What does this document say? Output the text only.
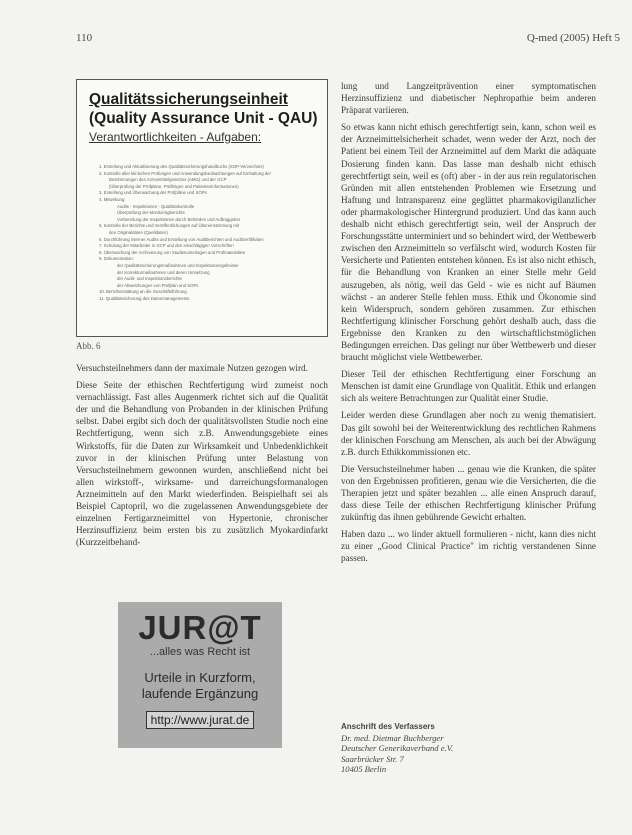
110	Q-med (2005) Heft 5
Qualitätssicherungseinheit
(Quality Assurance Unit - QAU)
Verantwortlichkeiten - Aufgaben:
1. Erstellung und Aktualisierung des Qualitätssicherungshandbuchs (SOP-Verzeichnis)
2. Kontrolle aller klinischen Prüfungen und Anwendungsbeobachtungen auf Einhaltung der
Bestimmungen des Arzneimittelgesetzes (AMG) und der GCP
(Überprüfung der Prüfpläne, Prüfbögen und Patienteninformationen)
3. Erstellung und Überwachung der Prüfpläne und SOPs
4. Mitwirkung:
Audits - Inspektionen - Qualitätskontrolle
Überprüfung der Monitoringberichte
Vorbereitung der Inspektionen durch Behörden und Auftraggeber
5. Kontrolle der Berichte und Veröffentlichungen auf Übereinstimmung mit
den Originaldaten (Quelldaten)
6. Durchführung interner Audits und Erstellung von Auditberichten und Auditzertifikaten
7. Schulung der Mitarbeiter in GCP und den einschlägigen Vorschriften
8. Überwachung der Archivierung von Studienunterlagen und Prüfmaterialien
9. Dokumentation:
der Qualitätssicherungsmaßnahmen und Inspektionsergebnisse
der Korrekturmaßnahmen und deren Umsetzung
der Audit- und Inspektionsberichte
der Abweichungen von Prüfplan und SOPs
10. Berichterstattung an die Geschäftsführung
11. Qualitätssicherung des Datenmanagements
Abb. 6

Versuchsteilnehmers dann der maximale Nutzen gezogen wird.

Diese Seite der ethischen Rechtfertigung wird zumeist noch vernachlässigt. Fast alles Augenmerk richtet sich auf die Qualität der und die Behandlung von Probanden in der klinischen Prüfung selbst. Dabei ergibt sich doch der qualitätsvollsten Studie noch eine Rechtfertigung, wenn sich z.B. Anwendungsgebiete eines Wirkstoffs, für die Daten zur Wirksamkeit und Unbedenklichkeit zuvor in der klinischen Prüfung unter Belastung von Versuchsteilnehmern gewonnen wurden, anschließend nicht bei allen wirkstoff-, wirksame- und darreichungsformanalogen Arzneimitteln auf den Markt wiederfinden. Beispielhaft sei als Beispiel Captopril, wo die zugelassenen Anwendungsgebiete der einzelnen Fertigarzneimittel von Hypertonie, chronischer Herzinsuffizienz beim ersten bis zu zusätzlich Myokardinfarkt (Kurzzeitbehand-

JUR@T
...alles was Recht ist
Urteile in Kurzform,
laufende Ergänzung
http://www.jurat.de

lung und Langzeitprävention einer symptomatischen Herzinsuffizienz und diabetischer Nephropathie beim anderen Präparat variieren.

So etwas kann nicht ethisch gerechtfertigt sein, kann, schon weil es der Arzneimittelsicherheit schadet, wenn weder der Arzt, noch der Patient bei einem Teil der Arzneimittel auf dem Markt die adäquate Dosierung finden kann. Das lasse man deshalb nicht ethisch gerechtfertigt sein, weil es (oft) aber - in der aus rein regulatorischen Gründen mit allen entstehenden Problemen wie Ersetzung und Haftung und Intransparenz eine geglättet pharmakovigilanzlicher oder pharmakologischer Hintergrund produziert. Und das kann auch deshalb nicht ethisch gerechtfertigt sein, weil der Anspruch der Forschungsstätte unterminiert und so behindert wird, der Wettbewerb zwischen den Arzneimitteln so verfälscht wird, wodurch Kosten für Versicherte und Patienten entstehen können. Es ist also nicht ethisch, für die Behandlung von Kranken an einer Stelle mehr Geld auszugeben, als nötig, weil das Geld - wie es nicht auf Bäumen wächst - an anderer Stelle fehlen muss. Ethik und Ökonomie sind kein Widerspruch, sondern gehören zusammen. Zur ethischen Rechtfertigung klinischer Forschung gehört deshalb auch, dass die Ergebnisse den Kranken zu den wirtschaftlichstmöglichen Bedingungen erreichen. Das gelingt nur über Wettbewerb und dieser braucht möglichst viele Wettbewerber.

Dieser Teil der ethischen Rechtfertigung einer Forschung an Menschen ist damit eine Grundlage von Qualität. Ethik und erlangen sich als weitere Betrachtungen zur Qualität einer Studie.

Leider werden diese Grundlagen aber noch zu wenig thematisiert. Das gilt sowohl bei der Weiterentwicklung des rechtlichen Rahmens der klinischen Forschung am Menschen, als auch bei der Abwägung z.B. durch Ethikkommissionen etc.

Die Versuchsteilnehmer haben ... genau wie die Kranken, die später von den Ergebnissen profitieren, genau wie die Versicherten, die die Therapien jetzt und später bezahlen ... alle einen Anspruch darauf, dass diese Teile der ethischen Rechtfertigung klinischer Prüfung zukünftig das ihnen gebührende Gewicht erhalten.

Haben dazu ... wo linder aktuell formulieren - nicht, kann dies nicht zu einer „Good Clinical Practice" im richtig verstandenen Sinne passen.

Anschrift des Verfassers
Dr. med. Dietmar Buchberger
Deutscher Generikaverband e.V.
Saarbrücker Str. 7
10405 Berlin
